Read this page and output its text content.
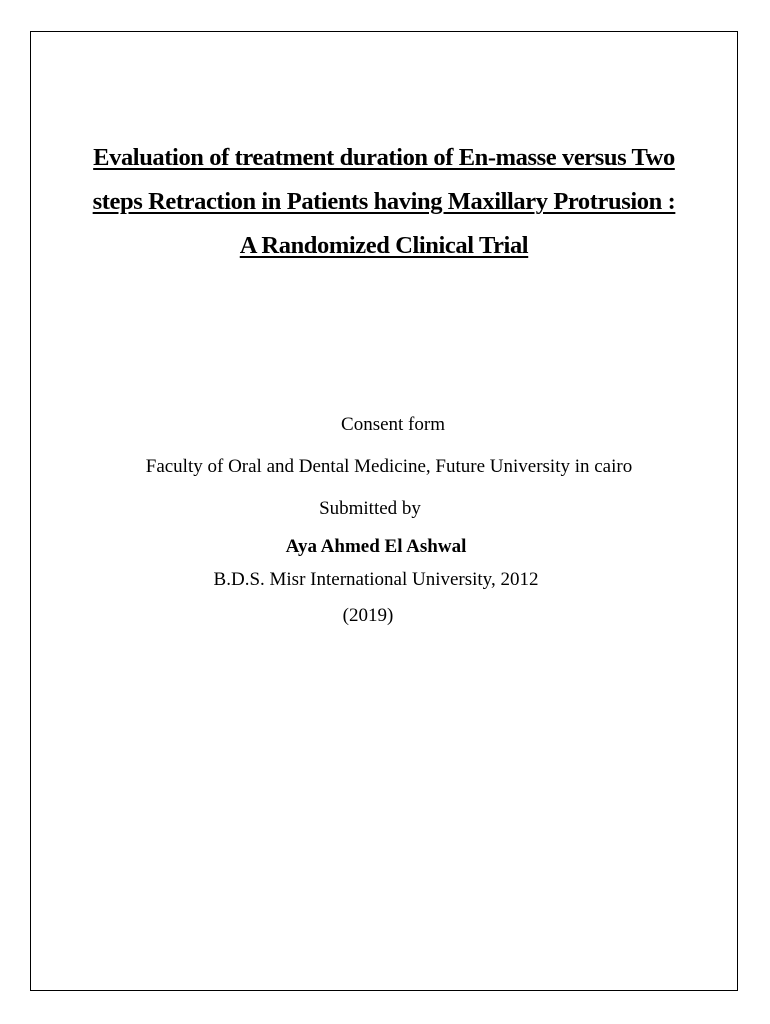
Evaluation of treatment duration of En-masse versus Two
steps Retraction in Patients having Maxillary Protrusion :
A Randomized Clinical Trial
Consent form
Faculty of Oral and Dental Medicine, Future University in cairo
Submitted by
Aya Ahmed El Ashwal
B.D.S. Misr International University, 2012
(2019)
